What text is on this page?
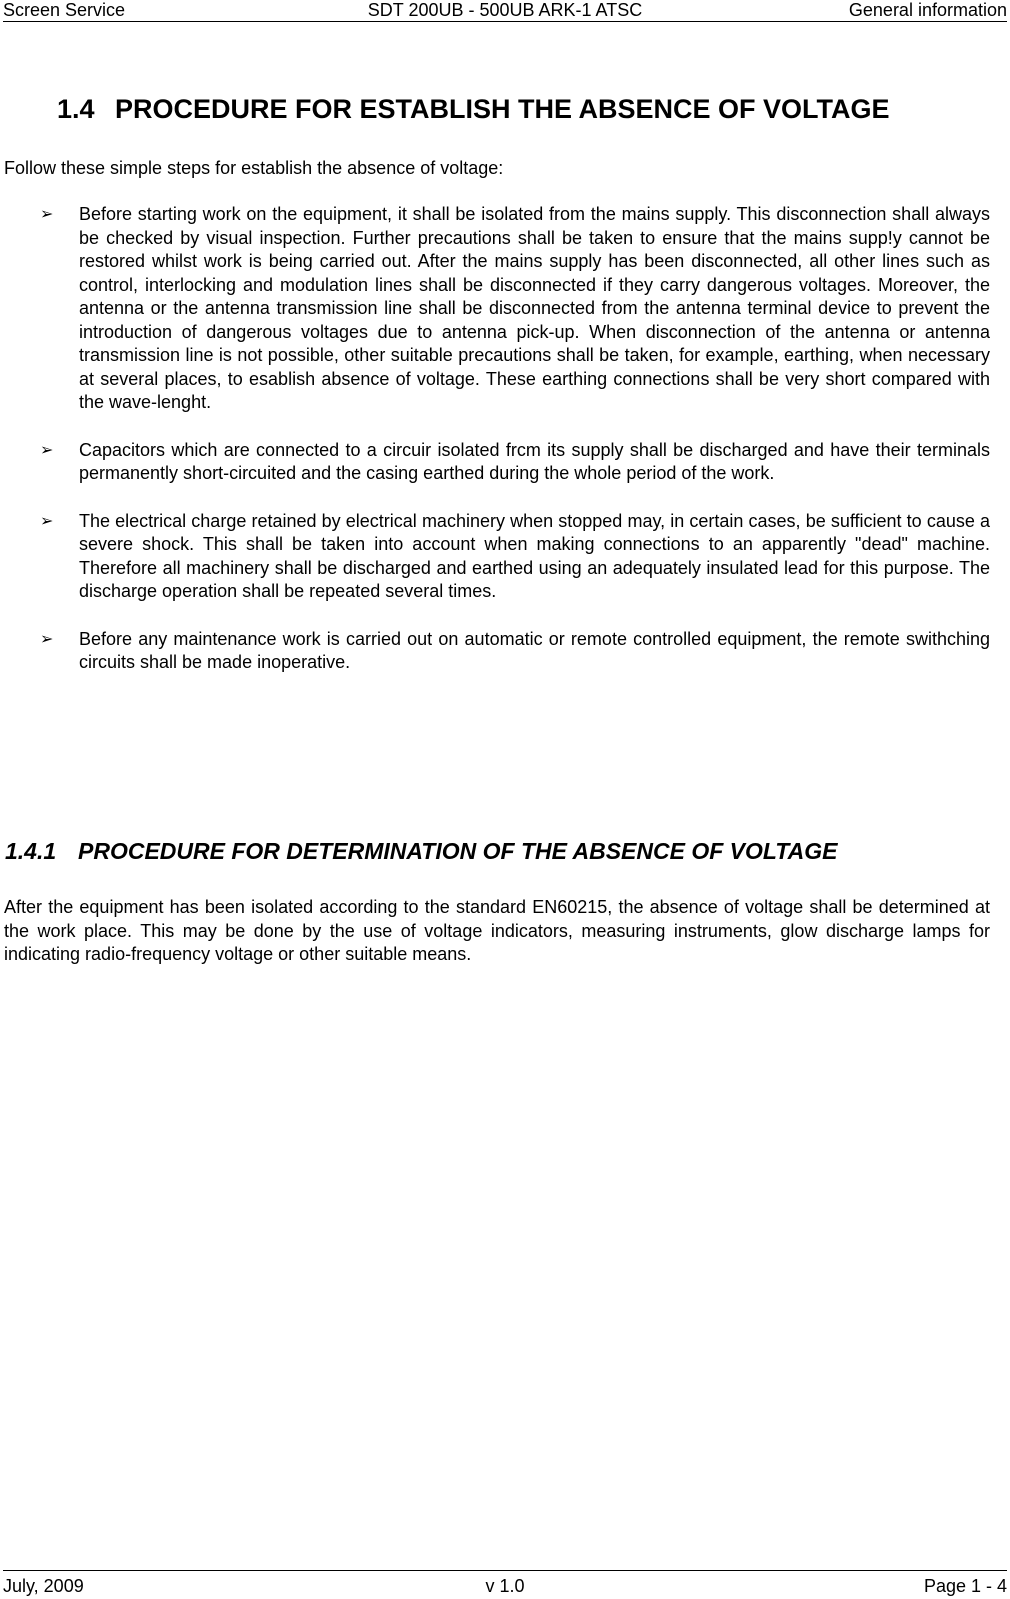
Screen Service	SDT 200UB - 500UB ARK-1 ATSC	General information
1.4 PROCEDURE FOR ESTABLISH THE ABSENCE OF VOLTAGE
Follow these simple steps for establish the absence of voltage:
➢ Before starting work on the equipment, it shall be isolated from the mains supply. This disconnection shall always be checked by visual inspection. Further precautions shall be taken to ensure that the mains supp!y cannot be restored whilst work is being carried out. After the mains supply has been disconnected, all other lines such as control, interlocking and modulation lines shall be disconnected if they carry dangerous voltages. Moreover, the antenna or the antenna transmission line shall be disconnected from the antenna terminal device to prevent the introduction of dangerous voltages due to antenna pick-up. When disconnection of the antenna or antenna transmission line is not possible, other suitable precautions shall be taken, for example, earthing, when necessary at several places, to esablish absence of voltage. These earthing connections shall be very short compared with the wave-lenght.
➢ Capacitors which are connected to a circuir isolated frcm its supply shall be discharged and have their terminals permanently short-circuited and the casing earthed during the whole period of the work.
➢ The electrical charge retained by electrical machinery when stopped may, in certain cases, be sufficient to cause a severe shock. This shall be taken into account when making connections to an apparently "dead" machine. Therefore all machinery shall be discharged and earthed using an adequately insulated lead for this purpose. The discharge operation shall be repeated several times.
➢ Before any maintenance work is carried out on automatic or remote controlled equipment, the remote swithching circuits shall be made inoperative.
1.4.1 PROCEDURE FOR DETERMINATION OF THE ABSENCE OF VOLTAGE
After the equipment has been isolated according to the standard EN60215, the absence of voltage shall be determined at the work place. This may be done by the use of voltage indicators, measuring instruments, glow discharge lamps for indicating radio-frequency voltage or other suitable means.
July, 2009	v 1.0	Page 1 - 4
